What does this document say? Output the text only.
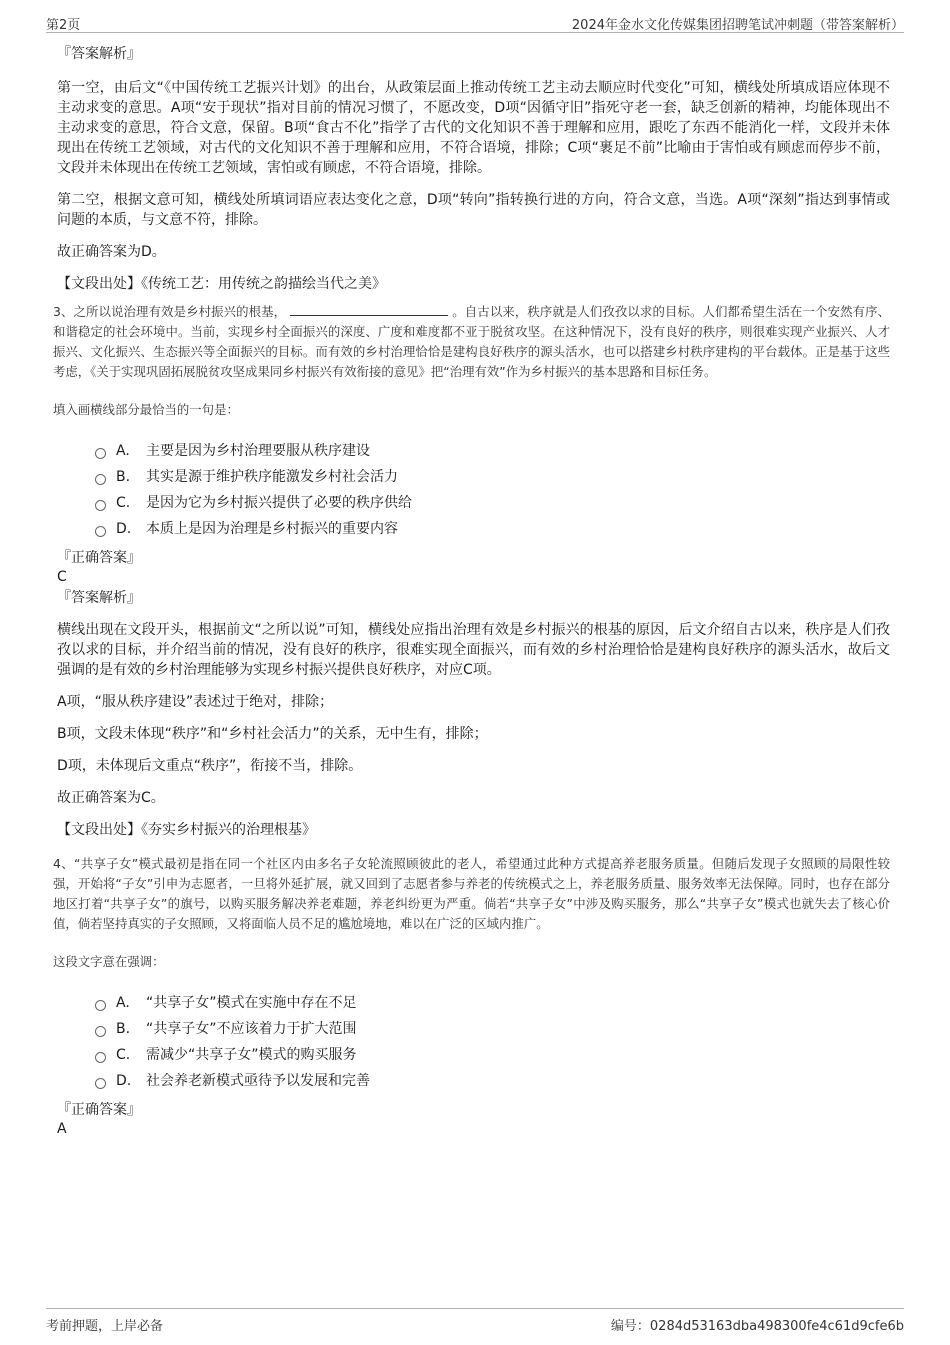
第2页	2024年金水文化传媒集团招聘笔试冲刺题（带答案解析）

『答案解析』

第一空，由后文“《中国传统工艺振兴计划》的出台，从政策层面上推动传统工艺主动去顺应时代变化”可知，横线处所填成语应体现不主动求变的意思。A项“安于现状”指对目前的情况习惯了，不愿改变，D项“因循守旧”指死守老一套，缺乏创新的精神，均能体现出不主动求变的意思，符合文意，保留。B项“食古不化”指学了古代的文化知识不善于理解和应用，跟吃了东西不能消化一样，文段并未体现出在传统工艺领域，对古代的文化知识不善于理解和应用，不符合语境，排除；C项“裹足不前”比喻由于害怕或有顾虑而停步不前，文段并未体现出在传统工艺领域，害怕或有顾虑，不符合语境，排除。

第二空，根据文意可知，横线处所填词语应表达变化之意，D项“转向”指转换行进的方向，符合文意，当选。A项“深刻”指达到事情或问题的本质，与文意不符，排除。

故正确答案为D。

【文段出处】《传统工艺：用传统之韵描绘当代之美》

3、之所以说治理有效是乡村振兴的根基，	。自古以来，秩序就是人们孜孜以求的目标。人们都希望生活在一个安然有序、和谐稳定的社会环境中。当前，实现乡村全面振兴的深度、广度和难度都不亚于脱贫攻坚。在这种情况下，没有良好的秩序，则很难实现产业振兴、人才振兴、文化振兴、生态振兴等全面振兴的目标。而有效的乡村治理恰恰是建构良好秩序的源头活水，也可以搭建乡村秩序建构的平台载体。正是基于这些考虑，《关于实现巩固拓展脱贫攻坚成果同乡村振兴有效衔接的意见》把“治理有效”作为乡村振兴的基本思路和目标任务。
填入画横线部分最恰当的一句是：
A.	主要是因为乡村治理要服从秩序建设
B.	其实是源于维护秩序能激发乡村社会活力
C.	是因为它为乡村振兴提供了必要的秩序供给
D.	本质上是因为治理是乡村振兴的重要内容

『正确答案』

C

『答案解析』

横线出现在文段开头，根据前文“之所以说”可知，横线处应指出治理有效是乡村振兴的根基的原因，后文介绍自古以来，秩序是人们孜孜以求的目标，并介绍当前的情况，没有良好的秩序，很难实现全面振兴，而有效的乡村治理恰恰是建构良好秩序的源头活水，故后文强调的是有效的乡村治理能够为实现乡村振兴提供良好秩序，对应C项。

A项，“服从秩序建设”表述过于绝对，排除；

B项，文段未体现“秩序”和“乡村社会活力”的关系，无中生有，排除；

D项，未体现后文重点“秩序”，衔接不当，排除。

故正确答案为C。

【文段出处】《夯实乡村振兴的治理根基》

4、“共享子女”模式最初是指在同一个社区内由多名子女轮流照顾彼此的老人，希望通过此种方式提高养老服务质量。但随后发现子女照顾的局限性较强，开始将“子女”引申为志愿者，一旦将外延扩展，就又回到了志愿者参与养老的传统模式之上，养老服务质量、服务效率无法保障。同时，也存在部分地区打着“共享子女”的旗号，以购买服务解决养老难题，养老纠纷更为严重。倘若“共享子女”中涉及购买服务，那么“共享子女”模式也就失去了核心价值，倘若坚持真实的子女照顾，又将面临人员不足的尴尬境地，难以在广泛的区域内推广。
这段文字意在强调：
A.	“共享子女”模式在实施中存在不足
B.	“共享子女”不应该着力于扩大范围
C.	需减少“共享子女”模式的购买服务
D.	社会养老新模式亟待予以发展和完善

『正确答案』

A

考前押题，上岸必备	编号：0284d53163dba498300fe4c61d9cfe6b
